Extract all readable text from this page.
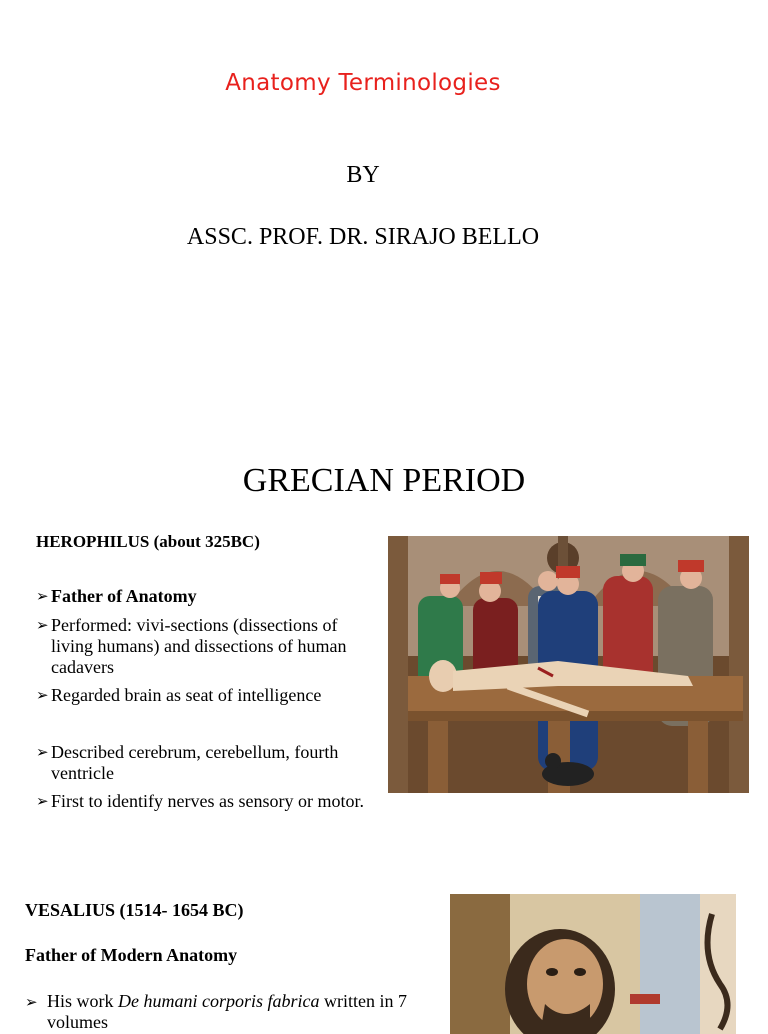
Anatomy Terminologies
BY
ASSC. PROF. DR. SIRAJO BELLO
GRECIAN PERIOD
HEROPHILUS (about 325BC)
➢ Father of Anatomy
➢ Performed: vivi-sections (dissections of living humans) and dissections of human cadavers
➢ Regarded brain as seat of intelligence
➢ Described cerebrum, cerebellum, fourth ventricle
➢ First to identify nerves as sensory or motor.
VESALIUS (1514- 1654 BC)
Father of Modern Anatomy
➢ His work De humani corporis fabrica written in 7 volumes
